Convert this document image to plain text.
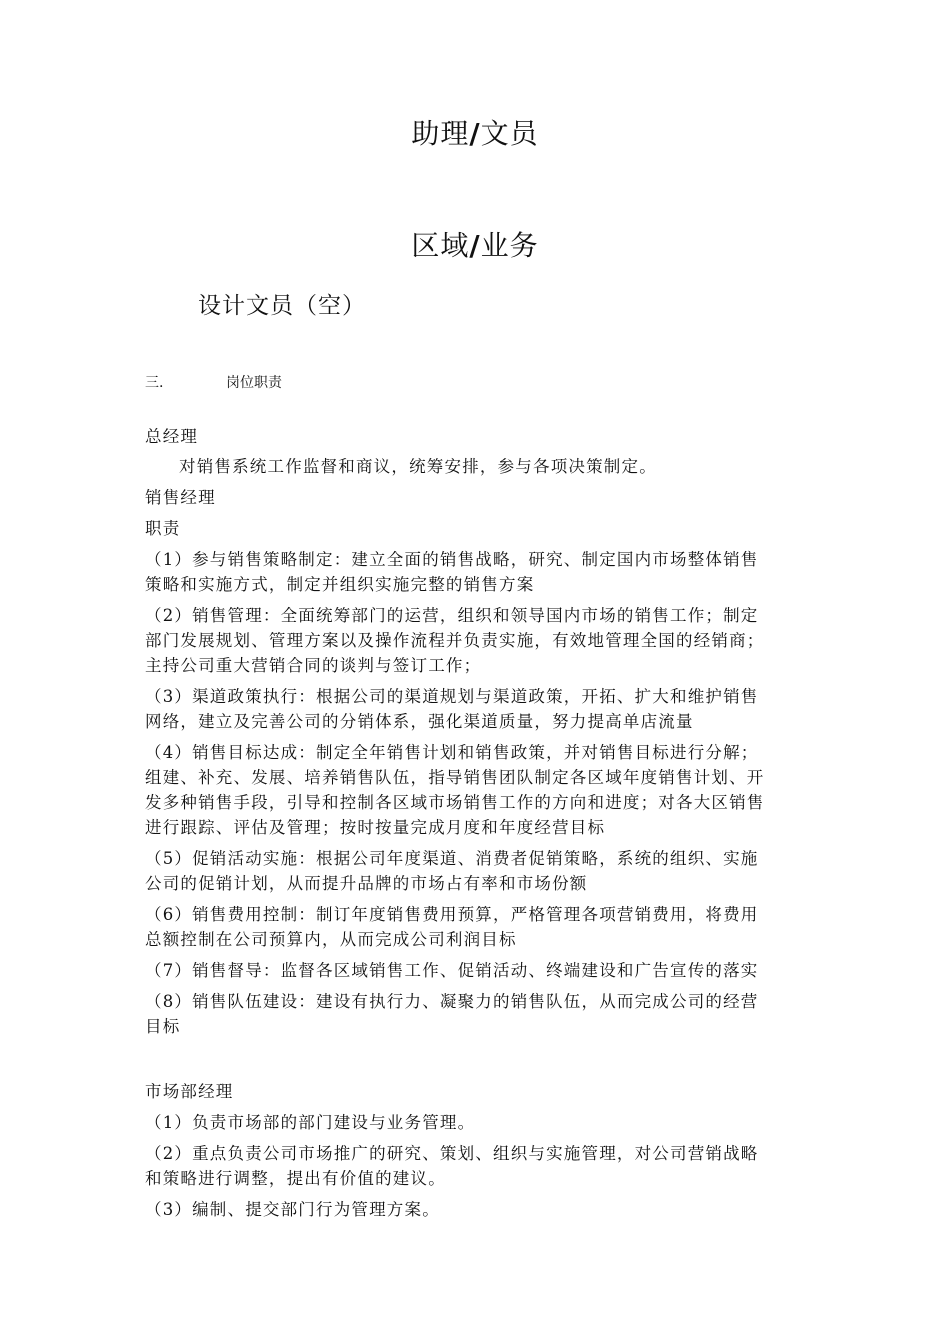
助理/文员
区域/业务
设计文员（空）
三.	岗位职责
总经理
对销售系统工作监督和商议，统筹安排，参与各项决策制定。
销售经理
职责
（1）参与销售策略制定：建立全面的销售战略，研究、制定国内市场整体销售
策略和实施方式，制定并组织实施完整的销售方案
（2）销售管理：全面统筹部门的运营，组织和领导国内市场的销售工作；制定
部门发展规划、管理方案以及操作流程并负责实施，有效地管理全国的经销商；
主持公司重大营销合同的谈判与签订工作；
（3）渠道政策执行：根据公司的渠道规划与渠道政策，开拓、扩大和维护销售
网络，建立及完善公司的分销体系，强化渠道质量，努力提高单店流量
（4）销售目标达成：制定全年销售计划和销售政策，并对销售目标进行分解；
组建、补充、发展、培养销售队伍，指导销售团队制定各区域年度销售计划、开
发多种销售手段，引导和控制各区域市场销售工作的方向和进度；对各大区销售
进行跟踪、评估及管理；按时按量完成月度和年度经营目标
（5）促销活动实施：根据公司年度渠道、消费者促销策略，系统的组织、实施
公司的促销计划，从而提升品牌的市场占有率和市场份额
（6）销售费用控制：制订年度销售费用预算，严格管理各项营销费用，将费用
总额控制在公司预算内，从而完成公司利润目标
（7）销售督导：监督各区域销售工作、促销活动、终端建设和广告宣传的落实
（8）销售队伍建设：建设有执行力、凝聚力的销售队伍，从而完成公司的经营
目标
市场部经理
（1）负责市场部的部门建设与业务管理。
（2）重点负责公司市场推广的研究、策划、组织与实施管理，对公司营销战略
和策略进行调整，提出有价值的建议。
（3）编制、提交部门行为管理方案。
